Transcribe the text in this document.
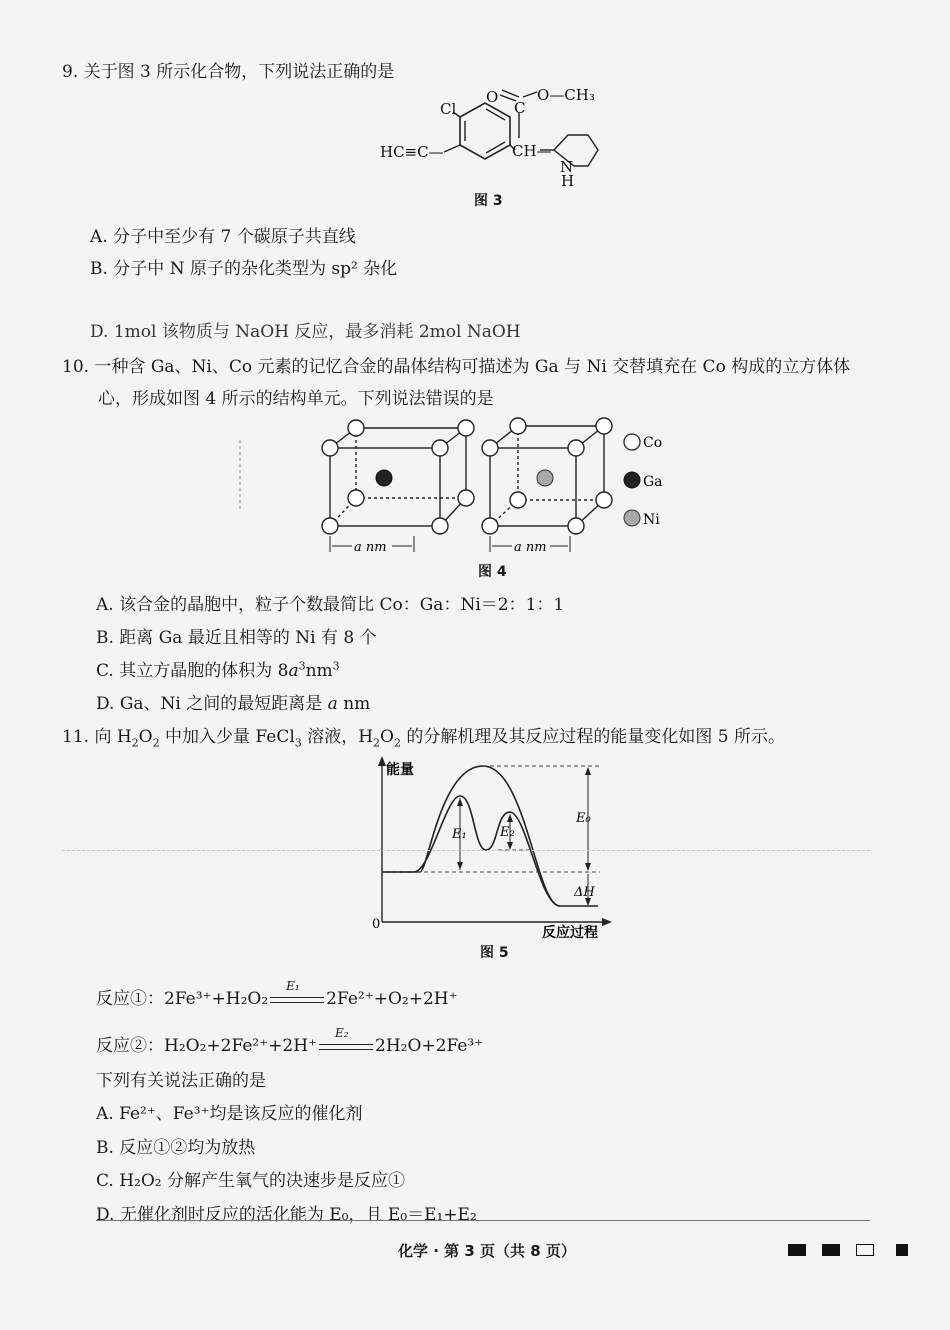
9. 关于图 3 所示化合物，下列说法正确的是
Cl
O	O—CH₃
C
HC≡C—	CH—
N
H
图 3
A. 分子中至少有 7 个碳原子共直线
B. 分子中 N 原子的杂化类型为 sp² 杂化
D. 1mol 该物质与 NaOH 反应，最多消耗 2mol NaOH
10. 一种含 Ga、Ni、Co 元素的记忆合金的晶体结构可描述为 Ga 与 Ni 交替填充在 Co 构成的立方体体
心，形成如图 4 所示的结构单元。下列说法错误的是
a nm	a nm
Co
Ga
Ni
图 4
A. 该合金的晶胞中，粒子个数最简比 Co：Ga：Ni＝2：1：1
B. 距离 Ga 最近且相等的 Ni 有 8 个
C. 其立方晶胞的体积为 $8a^3nm^3$
D. Ga、Ni 之间的最短距离是 a nm
11. 向 $H_2O_2$ 中加入少量 FeCl$_3$ 溶液，$H_2O_2$ 的分解机理及其反应过程的能量变化如图 5 所示。
能量
反应过程
0
E₀
E₁	E₂
ΔH
图 5
反应①：2Fe³⁺+H₂O₂
E₁
2Fe²⁺+O₂+2H⁺
反应②：H₂O₂+2Fe²⁺+2H⁺
E₂
2H₂O+2Fe³⁺
下列有关说法正确的是
A. Fe²⁺、Fe³⁺均是该反应的催化剂
B. 反应①②均为放热
C. H₂O₂ 分解产生氧气的决速步是反应①
D. 无催化剂时反应的活化能为 E₀，且 E₀＝E₁+E₂
化学 · 第 3 页（共 8 页）
